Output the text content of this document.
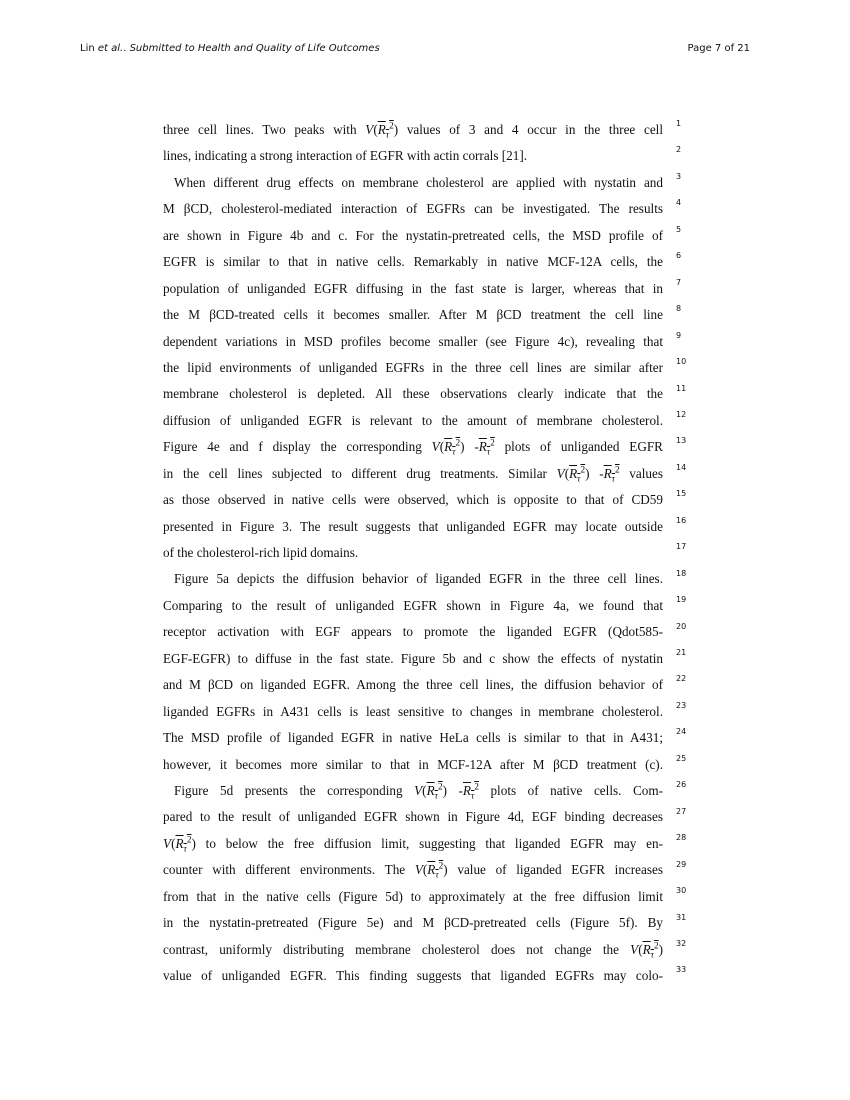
Lin et al.. Submitted to Health and Quality of Life Outcomes	Page 7 of 21
1
2
3
4
5
6
7
8
9
10
11
12
13
14
15
16
17
18
19
20
21
22
23
24
25
26
27
28
29
30
31
32
33
three cell lines. Two peaks with $V(R_\tau^2)$ values of 3 and 4 occur in the three cell
lines, indicating a strong interaction of EGFR with actin corrals [21].
When different drug effects on membrane cholesterol are applied with nystatin and
M βCD, cholesterol-mediated interaction of EGFRs can be investigated. The results
are shown in Figure 4b and c. For the nystatin-pretreated cells, the MSD profile of
EGFR is similar to that in native cells. Remarkably in native MCF-12A cells, the
population of unliganded EGFR diffusing in the fast state is larger, whereas that in
the M βCD-treated cells it becomes smaller. After M βCD treatment the cell line
dependent variations in MSD profiles become smaller (see Figure 4c), revealing that
the lipid environments of unliganded EGFRs in the three cell lines are similar after
membrane cholesterol is depleted. All these observations clearly indicate that the
diffusion of unliganded EGFR is relevant to the amount of membrane cholesterol.
Figure 4e and f display the corresponding $V(R_\tau^2)$ $-R_\tau^2$ plots of unliganded EGFR
in the cell lines subjected to different drug treatments. Similar $V(R_\tau^2)$ $-R_\tau^2$ values
as those observed in native cells were observed, which is opposite to that of CD59
presented in Figure 3. The result suggests that unliganded EGFR may locate outside
of the cholesterol-rich lipid domains.
Figure 5a depicts the diffusion behavior of liganded EGFR in the three cell lines.
Comparing to the result of unliganded EGFR shown in Figure 4a, we found that
receptor activation with EGF appears to promote the liganded EGFR (Qdot585-
EGF-EGFR) to diffuse in the fast state. Figure 5b and c show the effects of nystatin
and M βCD on liganded EGFR. Among the three cell lines, the diffusion behavior of
liganded EGFRs in A431 cells is least sensitive to changes in membrane cholesterol.
The MSD profile of liganded EGFR in native HeLa cells is similar to that in A431;
however, it becomes more similar to that in MCF-12A after M βCD treatment (c).
Figure 5d presents the corresponding $V(R_\tau^2)$ $-R_\tau^2$ plots of native cells. Com-
pared to the result of unliganded EGFR shown in Figure 4d, EGF binding decreases
$V(R_\tau^2)$ to below the free diffusion limit, suggesting that liganded EGFR may en-
counter with different environments. The $V(R_\tau^2)$ value of liganded EGFR increases
from that in the native cells (Figure 5d) to approximately at the free diffusion limit
in the nystatin-pretreated (Figure 5e) and M βCD-pretreated cells (Figure 5f). By
contrast, uniformly distributing membrane cholesterol does not change the $V(R_\tau^2)$
value of unliganded EGFR. This finding suggests that liganded EGFRs may colo-
